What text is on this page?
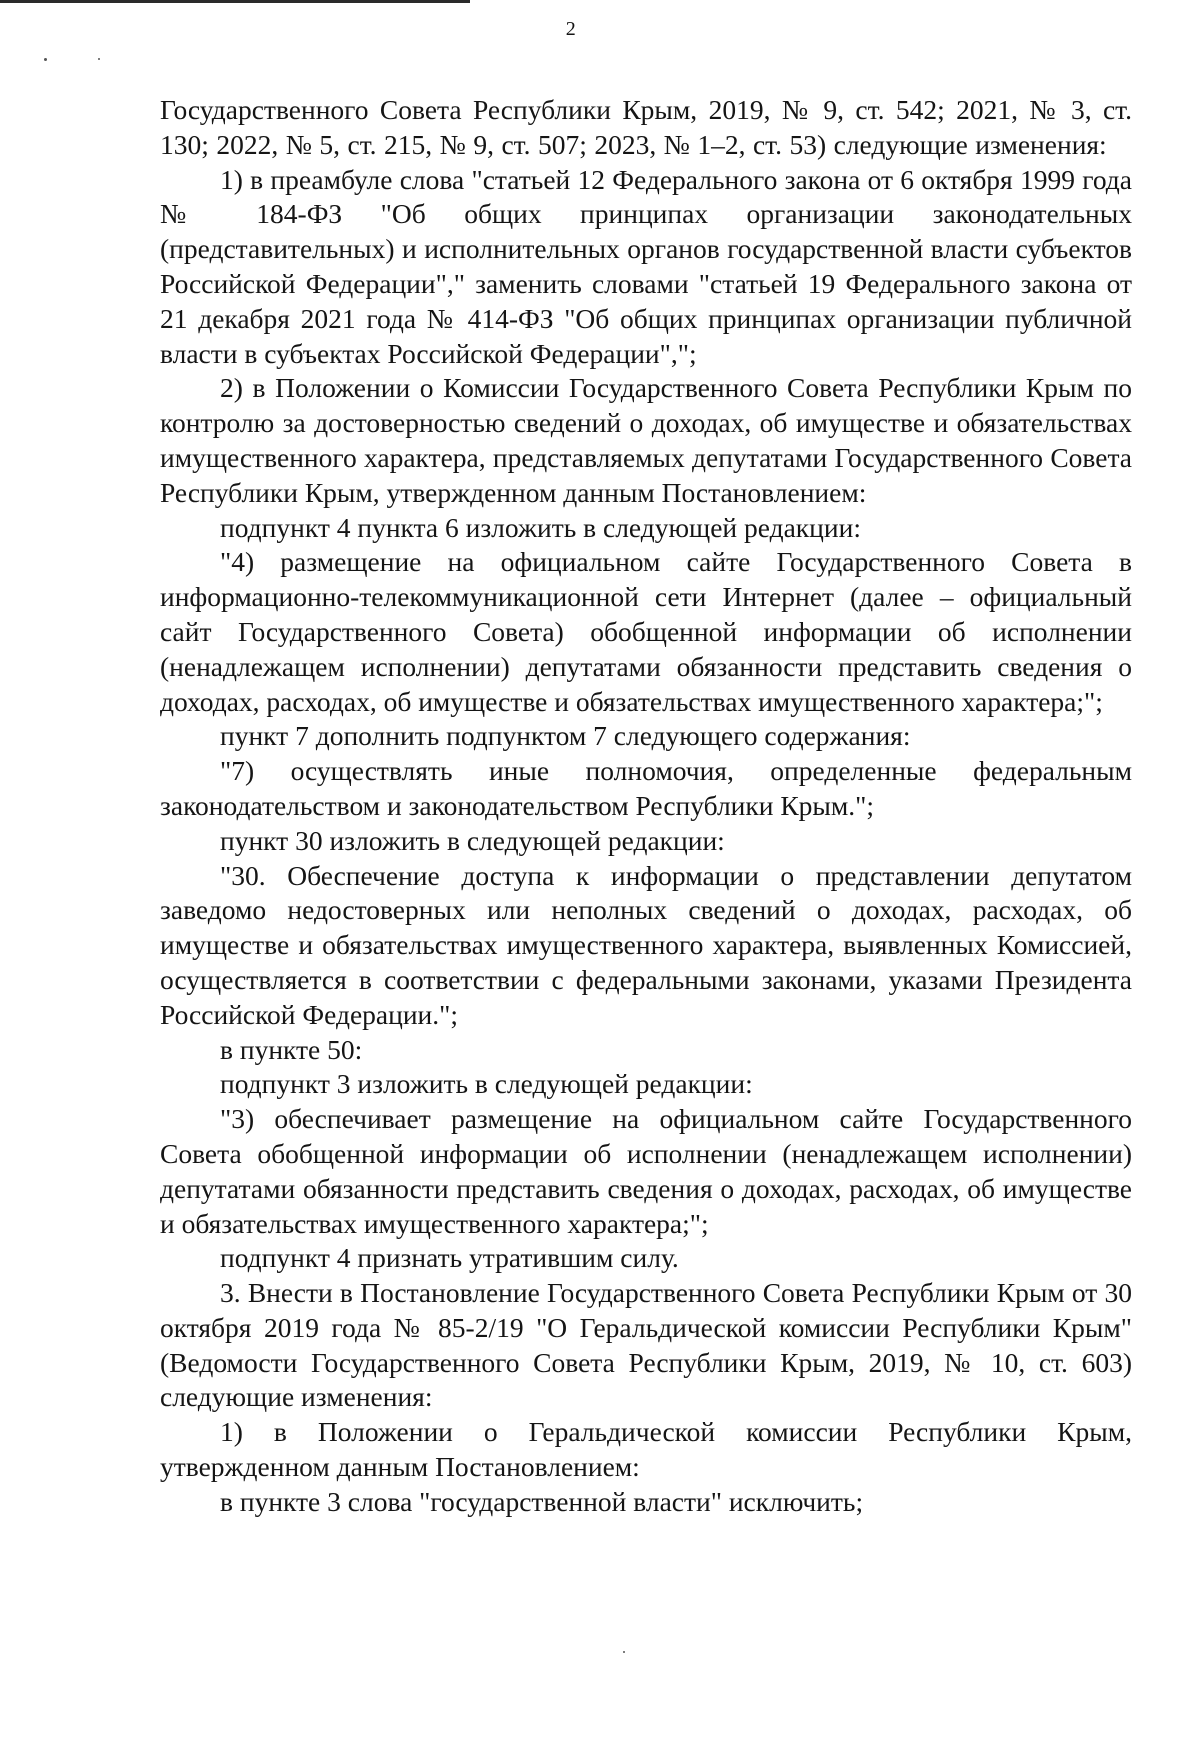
2

Государственного Совета Республики Крым, 2019, № 9, ст. 542; 2021, № 3, ст. 130; 2022, № 5, ст. 215, № 9, ст. 507; 2023, № 1–2, ст. 53) следующие изменения:

1) в преамбуле слова "статьей 12 Федерального закона от 6 октября 1999 года № 184-ФЗ "Об общих принципах организации законодательных (представительных) и исполнительных органов государственной власти субъектов Российской Федерации"," заменить словами "статьей 19 Федерального закона от 21 декабря 2021 года № 414-ФЗ "Об общих принципах организации публичной власти в субъектах Российской Федерации",";

2) в Положении о Комиссии Государственного Совета Республики Крым по контролю за достоверностью сведений о доходах, об имуществе и обязательствах имущественного характера, представляемых депутатами Государственного Совета Республики Крым, утвержденном данным Постановлением:

подпункт 4 пункта 6 изложить в следующей редакции:

"4) размещение на официальном сайте Государственного Совета в информационно-телекоммуникационной сети Интернет (далее – официальный сайт Государственного Совета) обобщенной информации об исполнении (ненадлежащем исполнении) депутатами обязанности представить сведения о доходах, расходах, об имуществе и обязательствах имущественного характера;";

пункт 7 дополнить подпунктом 7 следующего содержания:

"7) осуществлять иные полномочия, определенные федеральным законодательством и законодательством Республики Крым.";

пункт 30 изложить в следующей редакции:

"30. Обеспечение доступа к информации о представлении депутатом заведомо недостоверных или неполных сведений о доходах, расходах, об имуществе и обязательствах имущественного характера, выявленных Комиссией, осуществляется в соответствии с федеральными законами, указами Президента Российской Федерации.";

в пункте 50:

подпункт 3 изложить в следующей редакции:

"3) обеспечивает размещение на официальном сайте Государственного Совета обобщенной информации об исполнении (ненадлежащем исполнении) депутатами обязанности представить сведения о доходах, расходах, об имуществе и обязательствах имущественного характера;";

подпункт 4 признать утратившим силу.

3. Внести в Постановление Государственного Совета Республики Крым от 30 октября 2019 года № 85-2/19 "О Геральдической комиссии Республики Крым" (Ведомости Государственного Совета Республики Крым, 2019, № 10, ст. 603) следующие изменения:

1) в Положении о Геральдической комиссии Республики Крым, утвержденном данным Постановлением:

в пункте 3 слова "государственной власти" исключить;
